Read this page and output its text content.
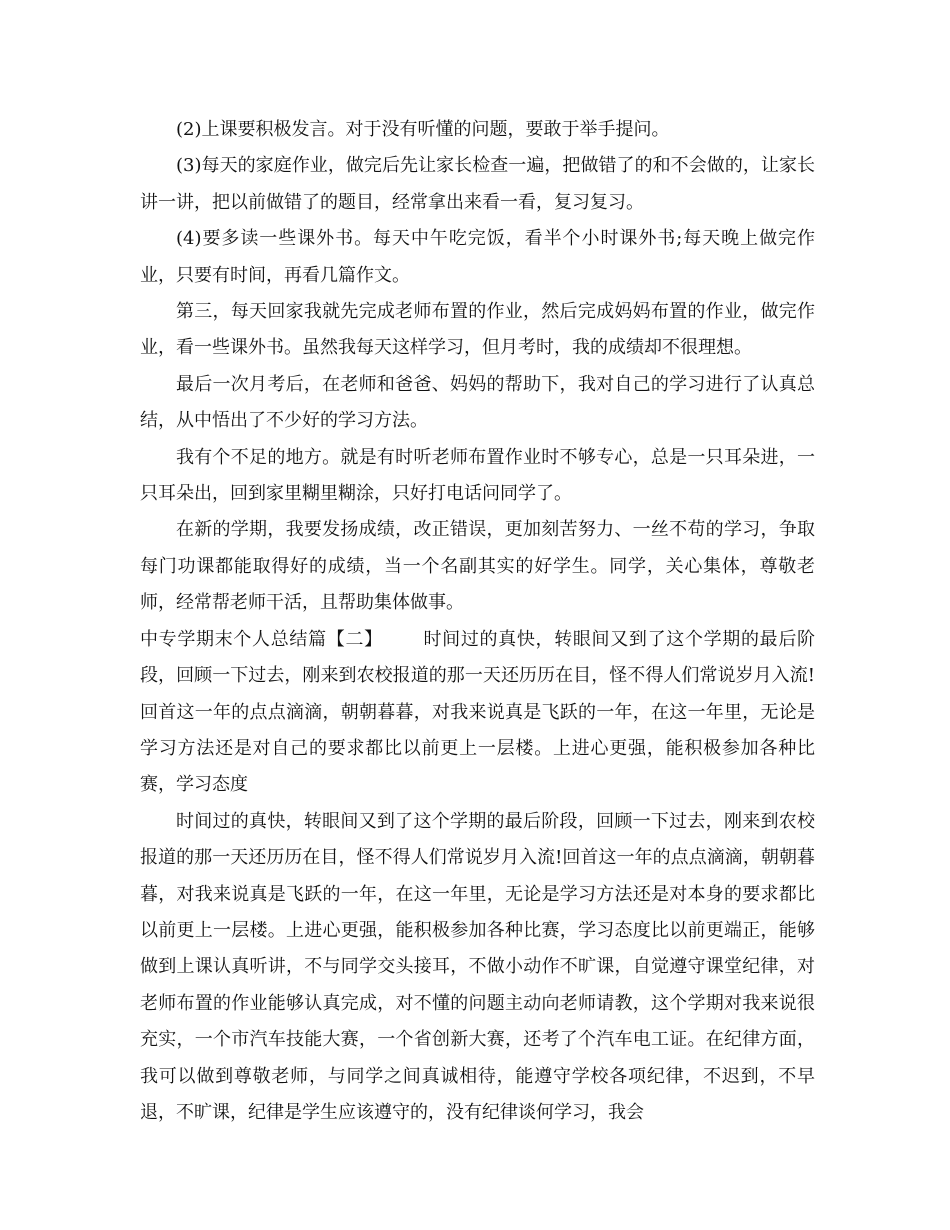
(2)上课要积极发言。对于没有听懂的问题，要敢于举手提问。

(3)每天的家庭作业，做完后先让家长检查一遍，把做错了的和不会做的，让家长讲一讲，把以前做错了的题目，经常拿出来看一看，复习复习。

(4)要多读一些课外书。每天中午吃完饭，看半个小时课外书;每天晚上做完作业，只要有时间，再看几篇作文。

第三，每天回家我就先完成老师布置的作业，然后完成妈妈布置的作业，做完作业，看一些课外书。虽然我每天这样学习，但月考时，我的成绩却不很理想。

最后一次月考后，在老师和爸爸、妈妈的帮助下，我对自己的学习进行了认真总结，从中悟出了不少好的学习方法。

我有个不足的地方。就是有时听老师布置作业时不够专心，总是一只耳朵进，一只耳朵出，回到家里糊里糊涂，只好打电话问同学了。

在新的学期，我要发扬成绩，改正错误，更加刻苦努力、一丝不苟的学习，争取每门功课都能取得好的成绩，当一个名副其实的好学生。同学，关心集体，尊敬老师，经常帮老师干活，且帮助集体做事。

中专学期末个人总结篇【二】 时间过的真快，转眼间又到了这个学期的最后阶段，回顾一下过去，刚来到农校报道的那一天还历历在目，怪不得人们常说岁月入流!回首这一年的点点滴滴，朝朝暮暮，对我来说真是飞跃的一年，在这一年里，无论是学习方法还是对自己的要求都比以前更上一层楼。上进心更强，能积极参加各种比赛，学习态度

时间过的真快，转眼间又到了这个学期的最后阶段，回顾一下过去，刚来到农校报道的那一天还历历在目，怪不得人们常说岁月入流!回首这一年的点点滴滴，朝朝暮暮，对我来说真是飞跃的一年，在这一年里，无论是学习方法还是对本身的要求都比以前更上一层楼。上进心更强，能积极参加各种比赛，学习态度比以前更端正，能够做到上课认真听讲，不与同学交头接耳，不做小动作不旷课，自觉遵守课堂纪律，对老师布置的作业能够认真完成，对不懂的问题主动向老师请教，这个学期对我来说很充实，一个市汽车技能大赛，一个省创新大赛，还考了个汽车电工证。在纪律方面，我可以做到尊敬老师，与同学之间真诚相待，能遵守学校各项纪律，不迟到，不早退，不旷课，纪律是学生应该遵守的，没有纪律谈何学习，我会
